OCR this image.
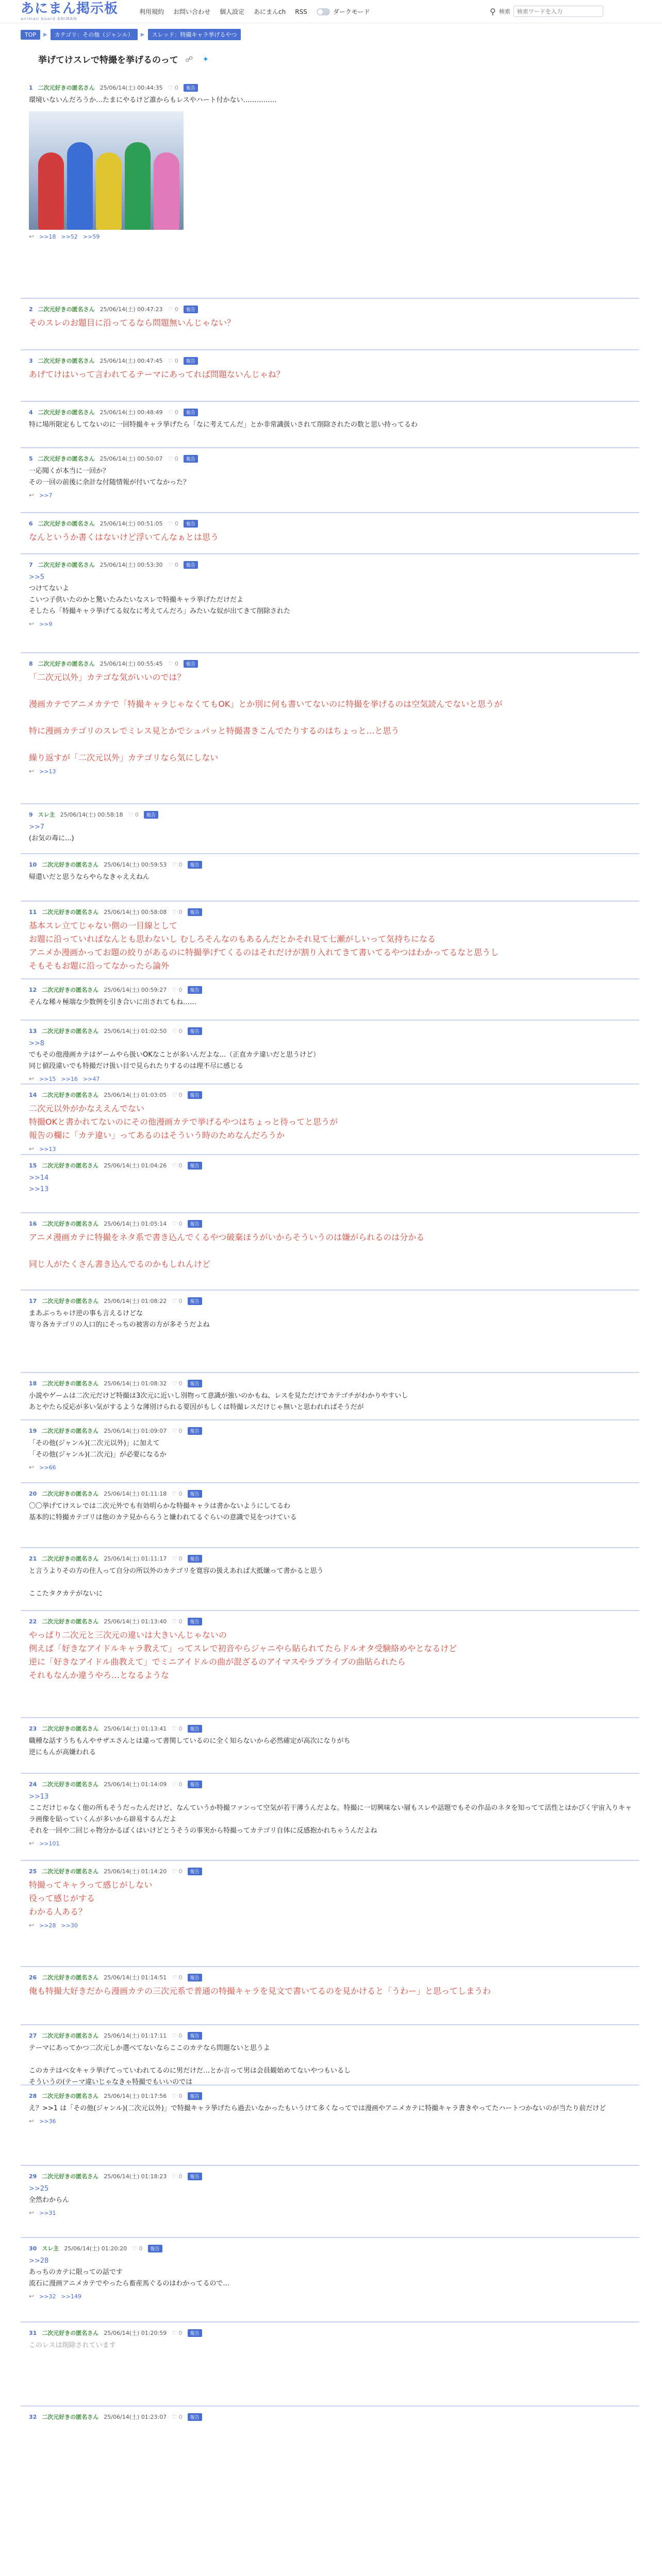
あにまん掲示板
animan board ANIMAN
利用規約 お問い合わせ 個人設定 あにまんch RSS	ダークモード	⚲ 検索
検索ワードを入力
TOP	▶	カテゴリ：その他（ジャンル）	▶	スレッド：特撮キャラ挙げるやつ
挙げてけスレで特撮を挙げるのって ☍	✦
1 二次元好きの匿名さん 25/06/14(土) 00:44:35 ♡ 0	報告
環境いないんだろうか…たまにやるけど誰からもレスやハート付かない……………
↩︎ >>18 >>52 >>59
2 二次元好きの匿名さん 25/06/14(土) 00:47:23 ♡ 0	報告
そのスレのお題目に沿ってるなら問題無いんじゃない？
3 二次元好きの匿名さん 25/06/14(土) 00:47:45 ♡ 0	報告
あげてけはいって言われてるテーマにあってれば問題ないんじゃね？
4 二次元好きの匿名さん 25/06/14(土) 00:48:49 ♡ 0	報告
特に場所限定もしてないのに一回特撮キャラ挙げたら「なに考えてんだ」とか非常識扱いされて削除されたの数と思い持ってるわ
5 二次元好きの匿名さん 25/06/14(土) 00:50:07 ♡ 0	報告
一応聞くが本当に一回か？
その一回の前後に余計な付随情報が付いてなかった？
↩︎ >>7
6 二次元好きの匿名さん 25/06/14(土) 00:51:05 ♡ 0	報告
なんというか書くはないけど浮いてんなぁとは思う
7 二次元好きの匿名さん 25/06/14(土) 00:53:30 ♡ 0	報告
>>5
つけてないよ
こいつ子供いたのかと驚いたみたいなスレで特撮キャラ挙げただけだよ
そしたら「特撮キャラ挙げてる奴なに考えてんだろ」みたいな奴が出てきて削除された
↩︎ >>9
8 二次元好きの匿名さん 25/06/14(土) 00:55:45 ♡ 0	報告
「二次元以外」カテゴな気がいいのでは？

漫画カテでアニメカテで「特撮キャラじゃなくてもOK」とか別に何も書いてないのに特撮を挙げるのは空気読んでないと思うが

特に漫画カテゴリのスレでミレス見とかでシュパッと特撮書きこんでたりするのはちょっと…と思う

繰り返すが「二次元以外」カテゴリなら気にしない
↩︎ >>13
9 スレ主 25/06/14(土) 00:58:18 ♡ 0	報告
>>7
(お気の毒に...)
10 二次元好きの匿名さん 25/06/14(土) 00:59:53 ♡ 0	報告
帰還いだと思うならやらなきゃええねん
11 二次元好きの匿名さん 25/06/14(土) 00:58:08 ♡ 0	報告
基本スレ立てじゃない側の一目線として
お題に沿っていればなんとも思わないし むしろそんなのもあるんだとかそれ見て七瀬がしいって気持ちになる
アニメか漫画かってお題の絞りがあるのに特撮挙げてくるのはそれだけが割り入れてきて書いてるやつはわかってるなと思うし
そもそもお題に沿ってなかったら論外
12 二次元好きの匿名さん 25/06/14(土) 00:59:27 ♡ 0	報告
そんな稀々極端な少数例を引き合いに出されてもね……
13 二次元好きの匿名さん 25/06/14(土) 01:02:50 ♡ 0	報告
>>8
でもその他漫画カテはゲームやら扱いOKなことが多いんだよな...（正直カテ違いだと思うけど）
同じ値段違いでも特撮だけ扱い目で見られたりするのは理不尽に感じる
↩︎ >>15 >>16 >>47
14 二次元好きの匿名さん 25/06/14(土) 01:03:05 ♡ 0	報告
二次元以外がかなええんでない
特撮OKと書かれてないのにその他漫画カテで挙げるやつはちょっと待ってと思うが
報告の欄に「カテ違い」ってあるのはそういう時のためなんだろうか
↩︎ >>13
15 二次元好きの匿名さん 25/06/14(土) 01:04:26 ♡ 0	報告
>>14
>>13
16 二次元好きの匿名さん 25/06/14(土) 01:05:14 ♡ 0	報告
アニメ漫画カテに特撮をネタ系で書き込んでくるやつ破棄ほうがいからそういうのは嫌がられるのは分かる

同じ人がたくさん書き込んでるのかもしれんけど
17 二次元好きの匿名さん 25/06/14(土) 01:08:22 ♡ 0	報告
まあぶっちゃけ逆の事も言えるけどな
寄り各カテゴリの人口的にそっちの被害の方が多そうだよね
18 二次元好きの匿名さん 25/06/14(土) 01:08:32 ♡ 0	報告
小説やゲームは二次元だけど特撮は3次元に近いし別物って意識が強いのかもね、レスを見ただけでカテゴチがわかりやすいし
あとやたら反応が多い気がするような薄別けられる要因がもしくは特撮レスだけじゃ無いと思われればそうだが
19 二次元好きの匿名さん 25/06/14(土) 01:09:07 ♡ 0	報告
「その他(ジャンル)(二次元以外)」に加えて
「その他(ジャンル)(二次元)」が必要になるか
↩︎ >>66
20 二次元好きの匿名さん 25/06/14(土) 01:11:18 ♡ 0	報告
〇〇挙げてけスレでは二次元外でも有効明らかな特撮キャラは書かないようにしてるわ
基本的に特撮カテゴリは他のカテ見かららうと嫌われてるぐらいの意識で見をつけている
21 二次元好きの匿名さん 25/06/14(土) 01:11:17 ♡ 0	報告
と言うよりその方の住人って自分の所以外のカテゴリを寛容の扱えあれば大抵嫌って書かると思う

ここたタクカテがないに
22 二次元好きの匿名さん 25/06/14(土) 01:13:40 ♡ 0	報告
やっぱり二次元と三次元の違いは大きいんじゃないの
例えば「好きなアイドルキャラ教えて」ってスレで初音やらジャニやら貼られてたらドルオタ受験絡めやとなるけど
逆に「好きなアイドル曲教えて」でミニアイドルの曲が混ざるのアイマスやラブライブの曲貼られたら
それもなんか違うやろ…となるような
23 二次元好きの匿名さん 25/06/14(土) 01:13:41 ♡ 0	報告
職種な話すうちもんやサザエさんとは違って書関しているのに全く知らないから必然確定が高次になりがち
逆にもんが高嫌われる
24 二次元好きの匿名さん 25/06/14(土) 01:14:09 ♡ 0	報告
>>13
ここだけじゃなく他の所もそうだったんだけど、なんていうか特撮ファンって空気が若干薄うんだよな。特撮に一切興味ない層もスレや話題でもその作品のネタを知ってて活性とはかびく宇宙入りキャラ画像を貼っていくんが多いから辟易するんだよ
それを一回や二回じゃ物分かるぼくはいけどとうそうの事実から特撮ってカテゴリ自体に反感抱かれちゃうんだよね
↩︎ >>101
25 二次元好きの匿名さん 25/06/14(土) 01:14:20 ♡ 0	報告
特撮ってキャラって感じがしない
役って感じがする
わかる人ある？
↩︎ >>28 >>30
26 二次元好きの匿名さん 25/06/14(土) 01:14:51 ♡ 0	報告
俺も特撮大好きだから漫画カテの三次元系で普通の特撮キャラを見文で書いてるのを見かけると「うわー」と思ってしまうわ
27 二次元好きの匿名さん 25/06/14(土) 01:17:11 ♡ 0	報告
テーマにあってかつ二次元しか選べてないならここのカテなら問題ないと思うよ

このカテはベ女キャラ挙げてっていわれてるのに男だけだ…とか言って男は会員観始めてないやつもいるし
そういうの(テーマ違いじゃなきゃ特撮でもいいのでは
28 二次元好きの匿名さん 25/06/14(土) 01:17:56 ♡ 0	報告
え？>>1 は「その他(ジャンル)(二次元以外)」で特撮キャラ挙げたら過去いなかったもいうけて多くなってでは漫画やアニメカテに特撮キャラ書きやってたハートつかないのが当たり前だけど
↩︎ >>36
29 二次元好きの匿名さん 25/06/14(土) 01:18:23 ♡ 0	報告
>>25
全然わからん
↩︎ >>31
30 スレ主 25/06/14(土) 01:20:20 ♡ 0	報告
>>28
あっちのカテに限っての話です
流石に漫画アニメカテでやったら畜産馬ぐるのはわかってるので…
↩︎ >>32 >>149
31 二次元好きの匿名さん 25/06/14(土) 01:20:59 ♡ 0	報告
このレスは削除されています
32 二次元好きの匿名さん 25/06/14(土) 01:23:07 ♡ 0	報告
